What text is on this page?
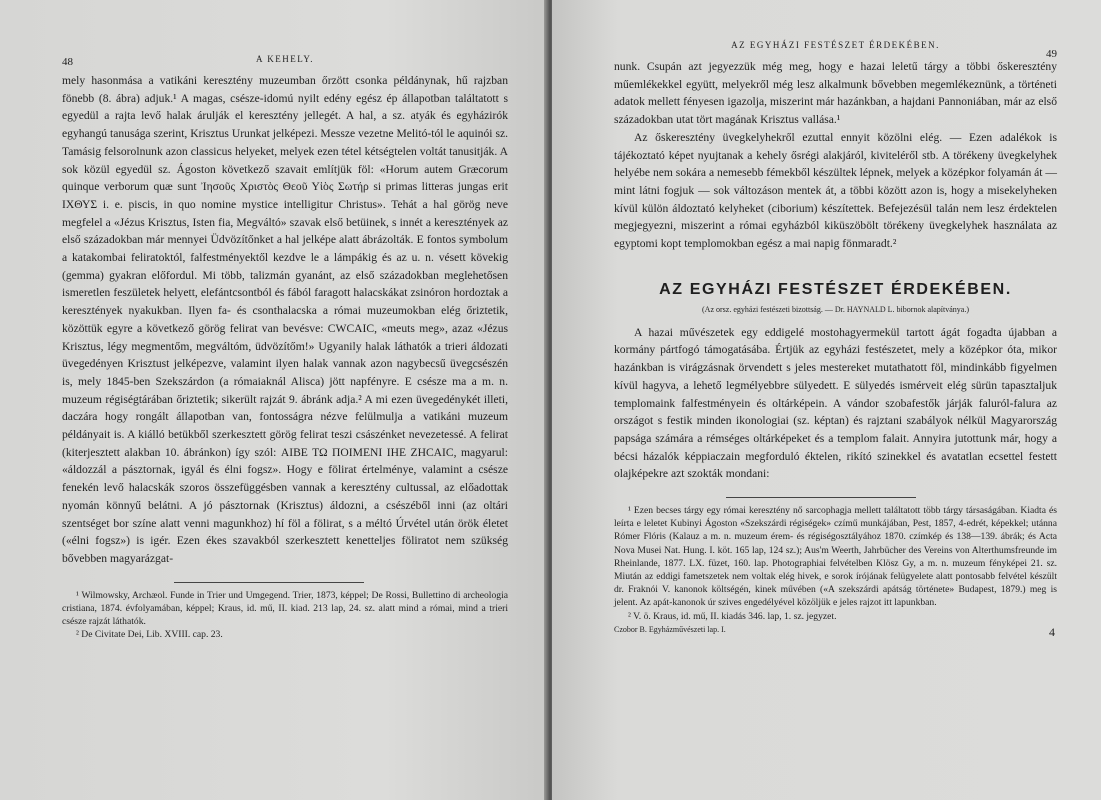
48	A KEHELY.

mely hasonmása a vatikáni keresztény muzeumban őrzött csonka példánynak, hű rajzban fönebb (8. ábra) adjuk.¹ A magas, csésze-idomú nyilt edény egész ép állapotban találtatott s egyedül a rajta levő halak árulják el keresztény jellegét. A hal, a sz. atyák és egyházirók egyhangú tanusága szerint, Krisztus Urunkat jelképezi. Messze vezetne Melitó-tól le aquinói sz. Tamásig felsorolnunk azon classicus helyeket, melyek ezen tétel kétségtelen voltát tanusitják. A sok közül egyedül sz. Ágoston következő szavait említjük föl: «Horum autem Græcorum quinque verborum quæ sunt Ἰησοῦς Χριστὸς Θεοῦ Υἱὸς Σωτήρ si primas litteras jungas erit ΙΧΘΥΣ i. e. piscis, in quo nomine mystice intelligitur Christus». Tehát a hal görög neve megfelel a «Jézus Krisztus, Isten fia, Megváltó» szavak első betüinek, s innét a keresztények az első századokban már mennyei Üdvözítőnket a hal jelképe alatt ábrázolták. E fontos symbolum a katakombai feliratoktól, falfestményektől kezdve le a lámpákig és az u. n. vésett kövekig (gemma) gyakran előfordul. Mi több, talizmán gyanánt, az első századokban meglehetősen ismeretlen feszületek helyett, elefántcsontból és fából faragott halacskákat zsinóron hordoztak a keresztények nyakukban. Ilyen fa- és csonthalacska a római muzeumokban elég őriztetik, közöttük egyre a következő görög felirat van bevésve: CWCAIC, «meuts meg», azaz «Jézus Krisztus, légy megmentőm, megváltóm, üdvözítőm!» Ugyanily halak láthatók a trieri áldozati üvegedényen Krisztust jelképezve, valamint ilyen halak vannak azon nagybecsű üvegcsészén is, mely 1845-ben Szekszárdon (a rómaiaknál Alisca) jött napfényre. E csésze ma a m. n. muzeum régiségtárában őriztetik; sikerült rajzát 9. ábránk adja.² A mi ezen üvegedénykét illeti, daczára hogy rongált állapotban van, fontosságra nézve felülmulja a vatikáni muzeum példányait is. A kiálló betükből szerkesztett görög felirat teszi császénket nevezetessé. A felirat (kiterjesztett alakban 10. ábránkon) így szól: ΑΙΒΕ ΤΩ ΠΟΙΜΕΝΙ ΙΗΕ ΖΗCΑΙC, magyarul: «áldozzál a pásztornak, igyál és élni fogsz». Hogy e fölirat értelménye, valamint a csésze fenekén levő halacskák szoros összefüggésben vannak a keresztény cultussal, az előadottak nyomán könnyű belátni. A jó pásztornak (Krisztus) áldozni, a csészéből inni (az oltári szentséget bor színe alatt venni magunkhoz) hí föl a fölirat, s a méltó Úrvétel után örök életet («élni fogsz») is igér. Ezen ékes szavakból szerkesztett kenetteljes föliratot nem szükség bővebben magyarázgat-

¹ Wilmowsky, Archæol. Funde in Trier und Umgegend. Trier, 1873, képpel; De Rossi, Bullettino di archeologia cristiana, 1874. évfolyamában, képpel; Kraus, id. mű, II. kiad. 213 lap, 24. sz. alatt mind a római, mind a trieri csésze rajzát láthatók.

² De Civitate Dei, Lib. XVIII. cap. 23.

AZ EGYHÁZI FESTÉSZET ÉRDEKÉBEN.
49

nunk. Csupán azt jegyezzük még meg, hogy e hazai leletű tárgy a többi őskeresztény műemlékekkel együtt, melyekről még lesz alkalmunk bővebben megemlékeznünk, a történeti adatok mellett fényesen igazolja, miszerint már hazánkban, a hajdani Pannoniában, már az első századokban utat tört magának Krisztus vallása.¹

Az őskeresztény üvegkelyhekről ezuttal ennyit közölni elég. — Ezen adalékok is tájékoztató képet nyujtanak a kehely ősrégi alakjáról, kiviteléről stb. A törékeny üvegkelyhek helyébe nem sokára a nemesebb fémekből készültek lépnek, melyek a középkor folyamán át — mint látni fogjuk — sok változáson mentek át, a többi között azon is, hogy a misekelyheken kívül külön áldoztató kelyheket (ciborium) készítettek. Befejezésül talán nem lesz érdektelen megjegyezni, miszerint a római egyházból kiküszöbölt törékeny üvegkelyhek használata az egyptomi kopt templomokban egész a mai napig fönmaradt.²

AZ EGYHÁZI FESTÉSZET ÉRDEKÉBEN.
(Az orsz. egyházi festészeti bizottság. — Dr. HAYNALD L. bibornok alapítványa.)

A hazai művészetek egy eddigelé mostohagyermekül tartott ágát fogadta újabban a kormány pártfogó támogatásába. Értjük az egyházi festészetet, mely a középkor óta, mikor hazánkban is virágzásnak örvendett s jeles mestereket mutathatott föl, mindinkább figyelmen kívül hagyva, a lehető legmélyebbre sülyedett. E sülyedés ismérveit elég sürün tapasztaljuk templomaink falfestményein és oltárképein. A vándor szobafestők járják faluról-falura az országot s festik minden ikonologiai (sz. képtan) és rajztani szabályok nélkül Magyarország papsága számára a rémséges oltárképeket és a templom falait. Annyira jutottunk már, hogy a bécsi házalók képpiaczain megforduló éktelen, rikító szinekkel és avatatlan ecsettel festett olajképekre azt szokták mondani:

¹ Ezen becses tárgy egy római keresztény nő sarcophagja mellett találtatott több tárgy társaságában. Kiadta és leírta e leletet Kubinyi Ágoston «Szekszárdi régiségek» czímű munkájában, Pest, 1857, 4-edrét, képekkel; utánna Rómer Flóris (Kalauz a m. n. muzeum érem- és régiségosztályához 1870. czímkép és 138—139. ábrák; és Acta Nova Musei Nat. Hung. I. köt. 165 lap, 124 sz.); Aus'm Weerth, Jahrbücher des Vereins von Alterthumsfreunde im Rheinlande, 1877. LX. füzet, 160. lap. Photographiai felvételben Klösz Gy, a m. n. muzeum fényképei 21. sz. Miután az eddigi fametszetek nem voltak elég hivek, e sorok írójának felügyelete alatt pontosabb felvétel készült dr. Fraknói V. kanonok költségén, kinek művében («A szekszárdi apátság története» Budapest, 1879.) meg is jelent. Az apát-kanonok úr szives engedélyével közöljük e jeles rajzot itt lapunkban.

² V. ö. Kraus, id. mű, II. kiadás 346. lap, 1. sz. jegyzet.

Czobor B. Egyházművészeti lap. I.	4
